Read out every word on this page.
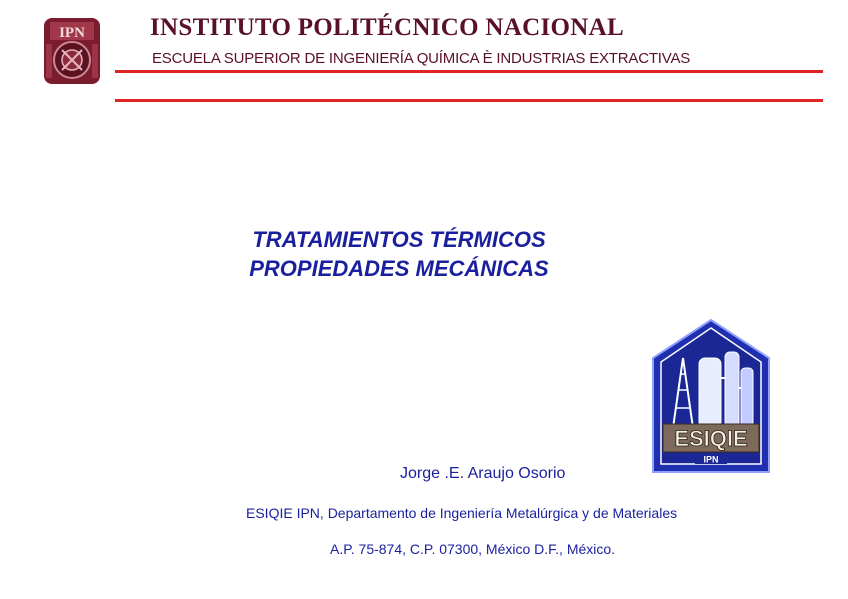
IPN	INSTITUTO POLITÉCNICO NACIONAL
ESCUELA SUPERIOR DE INGENIERÍA QUÍMICA È INDUSTRIAS EXTRACTIVAS
TRATAMIENTOS TÉRMICOS
PROPIEDADES MECÁNICAS
ESIQIE
IPN
Jorge .E. Araujo Osorio
ESIQIE IPN, Departamento de Ingeniería Metalúrgica y de Materiales
A.P. 75-874, C.P. 07300, México D.F., México.
